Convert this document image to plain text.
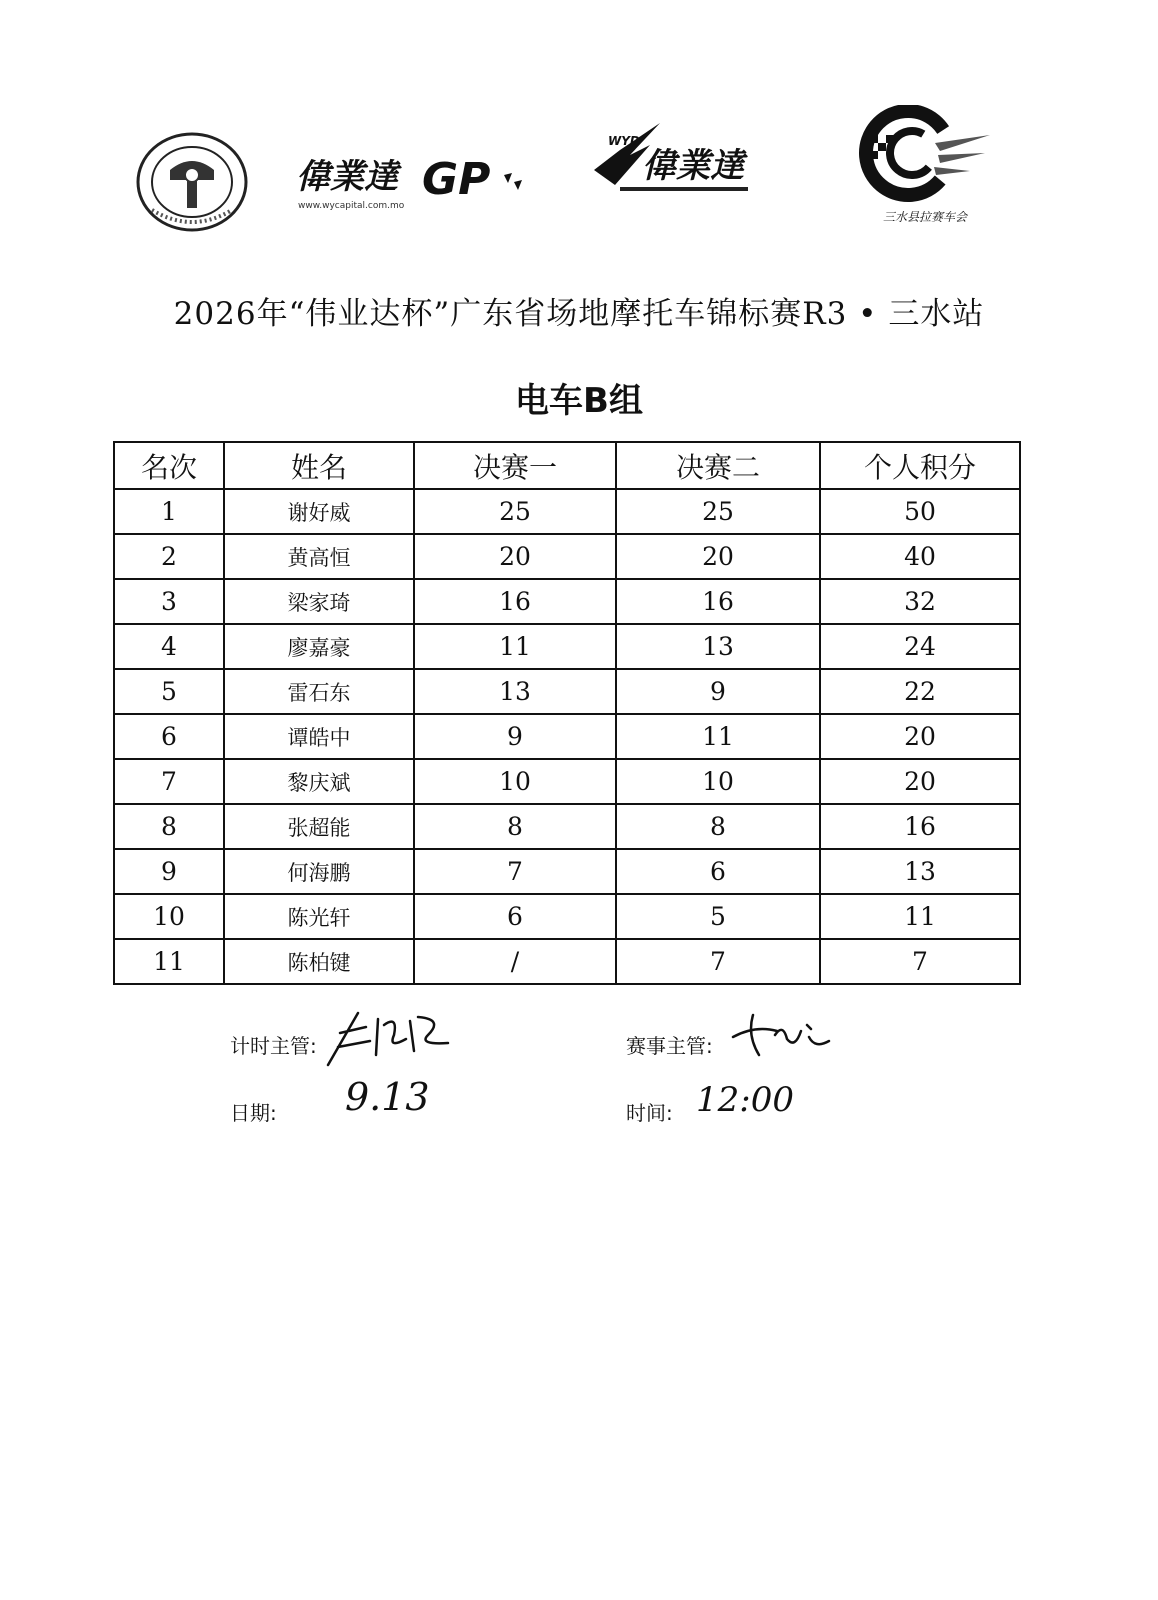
偉業達 GP
www.wycapital.com.mo
WYD
偉業達
三水县拉赛车会
2026年“伟业达杯”广东省场地摩托车锦标赛R3 • 三水站
电车B组
名次	姓名	决赛一	决赛二	个人积分
1	谢好威	25	25	50
2	黄高恒	20	20	40
3	梁家琦	16	16	32
4	廖嘉豪	11	13	24
5	雷石东	13	9	22
6	谭皓中	9	11	20
7	黎庆斌	10	10	20
8	张超能	8	8	16
9	何海鹏	7	6	13
10	陈光轩	6	5	11
11	陈柏键	/	7	7
计时主管:	赛事主管:
日期: 9.13	时间: 12:00
